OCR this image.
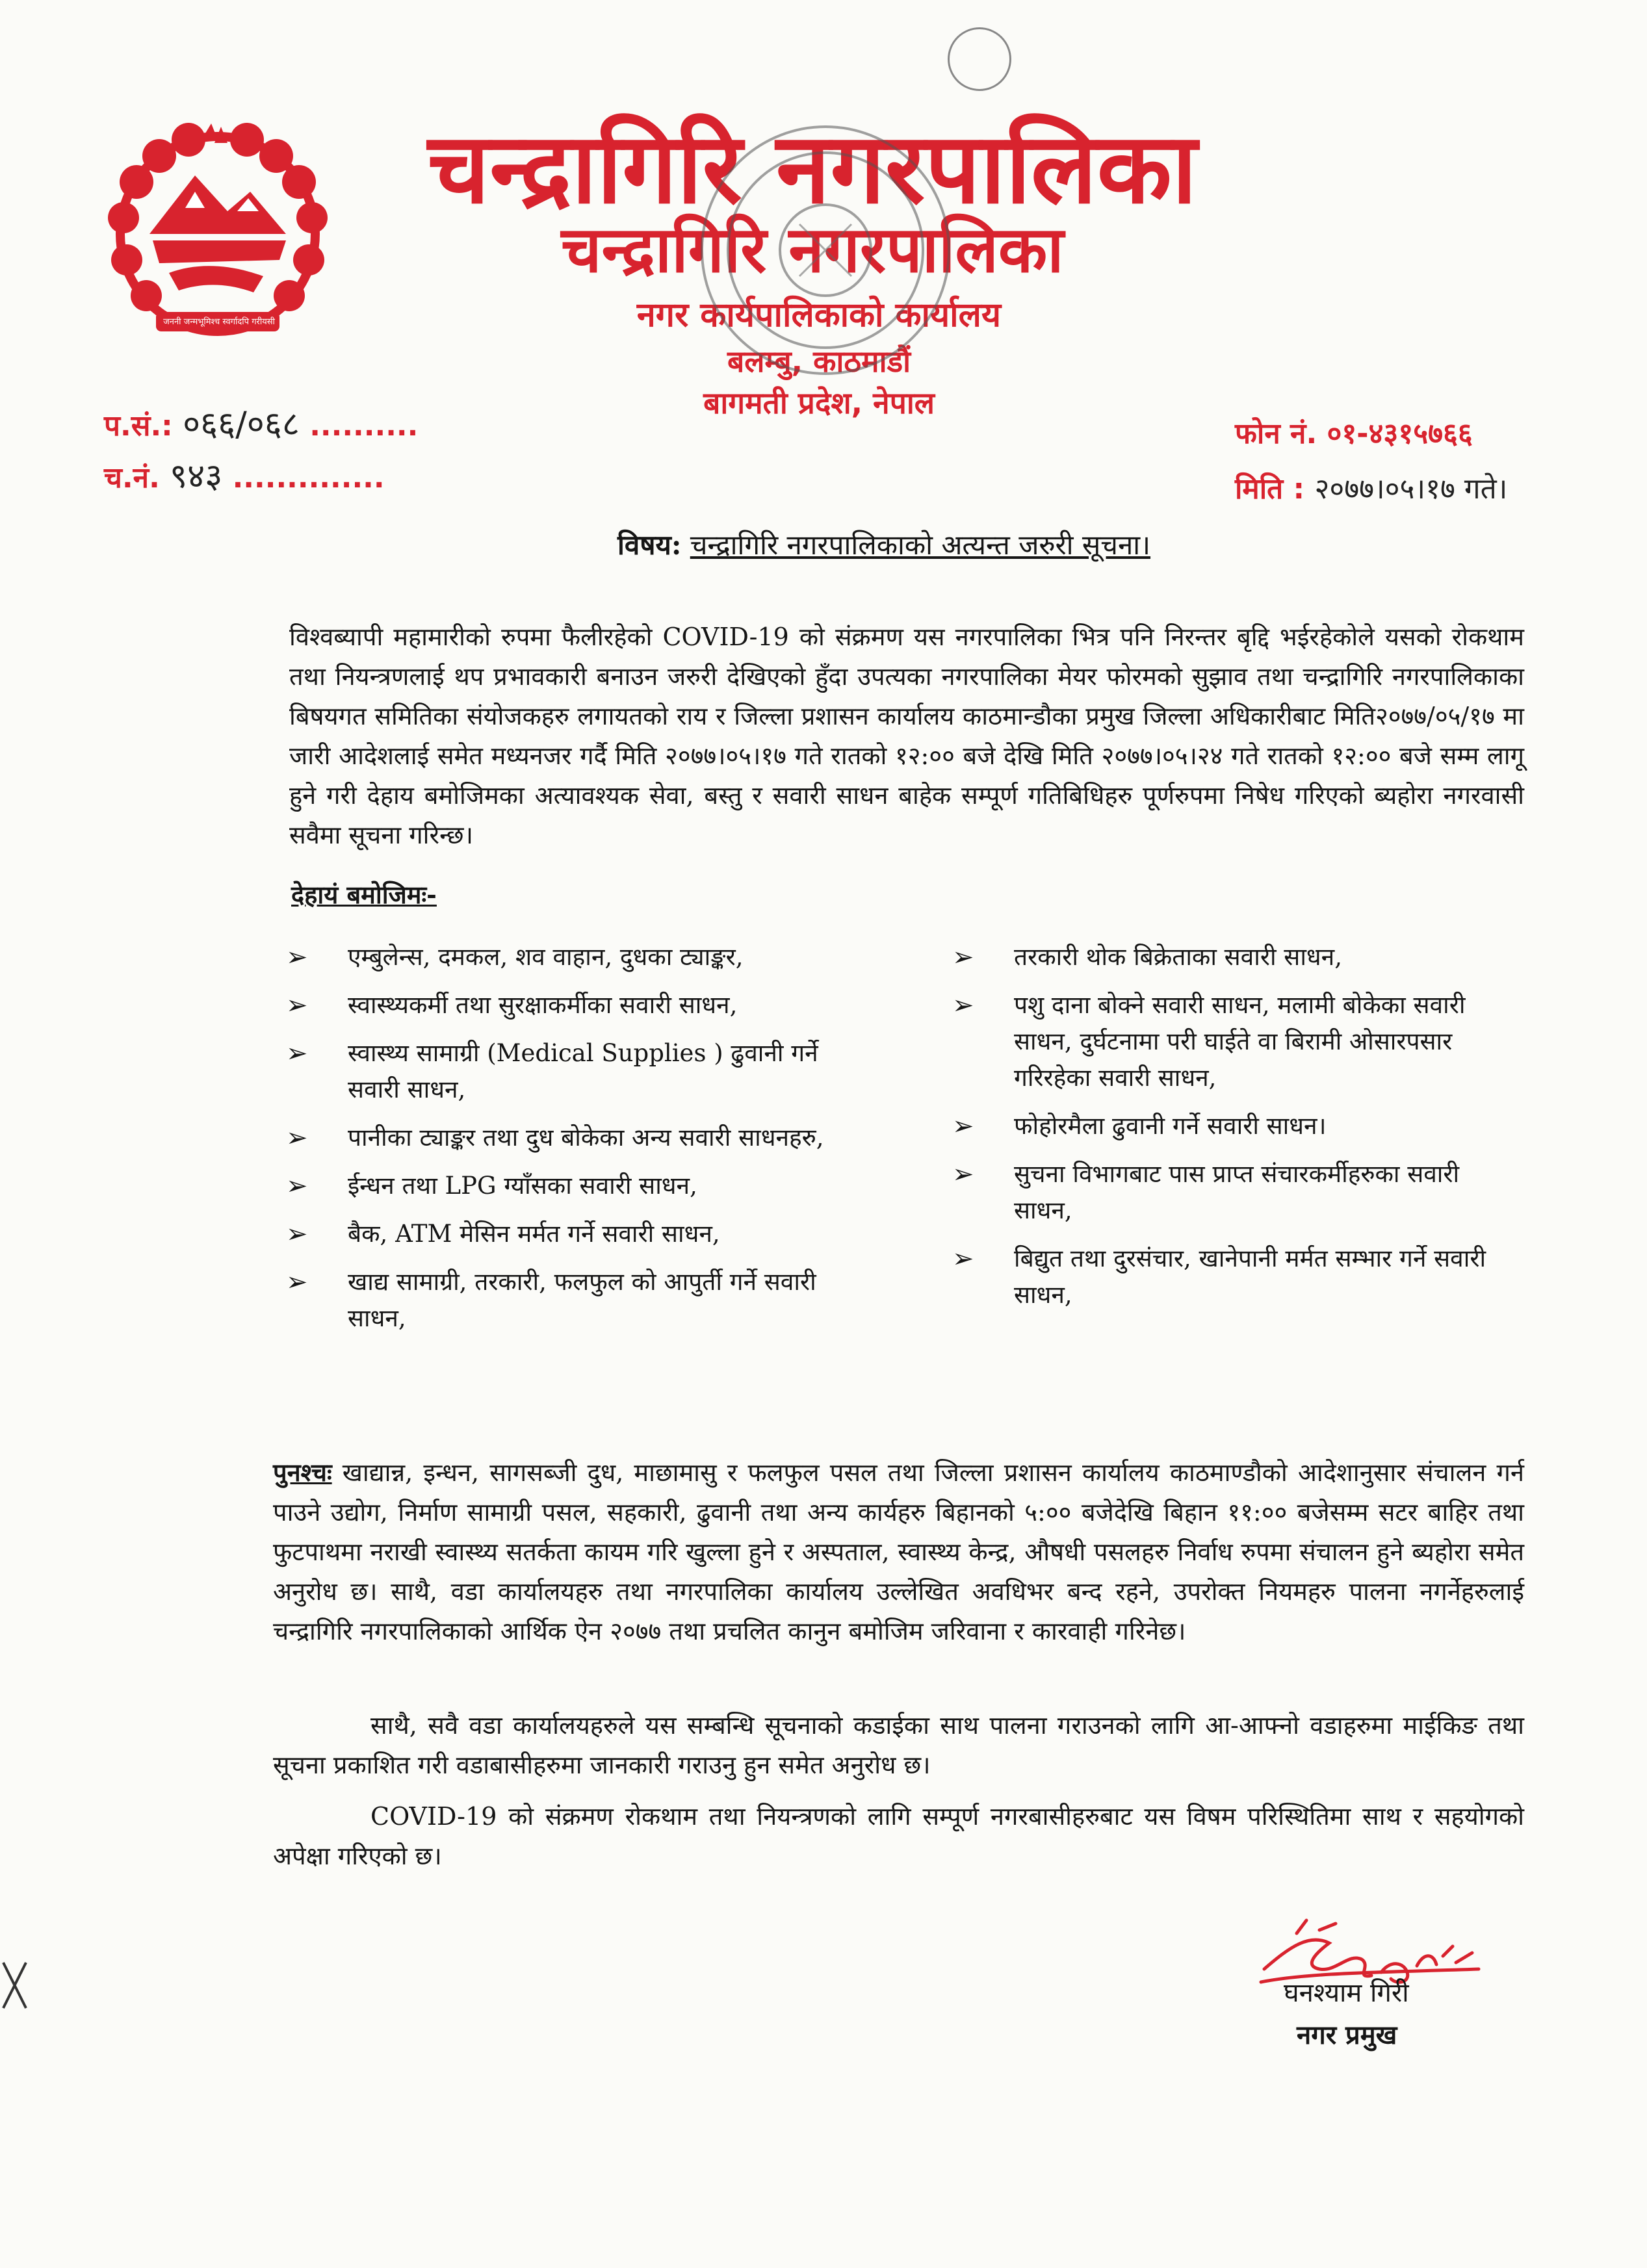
जननी जन्मभूमिश्च स्वर्गादपि गरीयसी
चन्द्रागिरि नगरपालिका
चन्द्रागिरि नगरपालिका
नगर कार्यपालिकाको कार्यालय
बलम्बु, काठमाडौं
बागमती प्रदेश, नेपाल
प.सं.: ०६६/०६८ ..........
च.नं. ९४३ ..............
फोन नं. ०१-४३१५७६६
मिति : २०७७।०५।१७ गते।
विषय: चन्द्रागिरि नगरपालिकाको अत्यन्त जरुरी सूचना।
विश्वब्यापी महामारीको रुपमा फैलीरहेको COVID-19 को संक्रमण यस नगरपालिका भित्र पनि निरन्तर बृद्दि भईरहेकोले यसको रोकथाम तथा नियन्त्रणलाई थप प्रभावकारी बनाउन जरुरी देखिएको हुँदा उपत्यका नगरपालिका मेयर फोरमको सुझाव तथा चन्द्रागिरि नगरपालिकाका बिषयगत समितिका संयोजकहरु लगायतको राय र जिल्ला प्रशासन कार्यालय काठमान्डौका प्रमुख जिल्ला अधिकारीबाट मिति२०७७/०५/१७ मा जारी आदेशलाई समेत मध्यनजर गर्दै मिति २०७७।०५।१७ गते रातको १२:०० बजे देखि मिति २०७७।०५।२४ गते रातको १२:०० बजे सम्म लागू हुने गरी देहाय बमोजिमका अत्यावश्यक सेवा, बस्तु र सवारी साधन बाहेक सम्पूर्ण गतिबिधिहरु पूर्णरुपमा निषेध गरिएको ब्यहोरा नगरवासी सवैमा सूचना गरिन्छ।
देहायं बमोजिमः-
➢ एम्बुलेन्स, दमकल, शव वाहान, दुधका ट्याङ्कर,
➢ स्वास्थ्यकर्मी तथा सुरक्षाकर्मीका सवारी साधन,
➢ स्वास्थ्य सामाग्री (Medical Supplies ) ढुवानी गर्ने सवारी साधन,
➢ पानीका ट्याङ्कर तथा दुध बोकेका अन्य सवारी साधनहरु,
➢ ईन्धन तथा LPG ग्याँसका सवारी साधन,
➢ बैक, ATM मेसिन मर्मत गर्ने सवारी साधन,
➢ खाद्य सामाग्री, तरकारी, फलफुल को आपुर्ती गर्ने सवारी साधन,
➢ तरकारी थोक बिक्रेताका सवारी साधन,
➢ पशु दाना बोक्ने सवारी साधन, मलामी बोकेका सवारी साधन, दुर्घटनामा परी घाईते वा बिरामी ओसारपसार गरिरहेका सवारी साधन,
➢ फोहोरमैला ढुवानी गर्ने सवारी साधन।
➢ सुचना विभागबाट पास प्राप्त संचारकर्मीहरुका सवारी साधन,
➢ बिद्युत तथा दुरसंचार, खानेपानी मर्मत सम्भार गर्ने सवारी साधन,
पुनश्चः खाद्यान्न, इन्धन, सागसब्जी दुध, माछामासु र फलफुल पसल तथा जिल्ला प्रशासन कार्यालय काठमाण्डौको आदेशानुसार संचालन गर्न पाउने उद्योग, निर्माण सामाग्री पसल, सहकारी, ढुवानी तथा अन्य कार्यहरु बिहानको ५:०० बजेदेखि बिहान ११:०० बजेसम्म सटर बाहिर तथा फुटपाथमा नराखी स्वास्थ्य सतर्कता कायम गरि खुल्ला हुने र अस्पताल, स्वास्थ्य केन्द्र, औषधी पसलहरु निर्वाध रुपमा संचालन हुने ब्यहोरा समेत अनुरोध छ। साथै, वडा कार्यालयहरु तथा नगरपालिका कार्यालय उल्लेखित अवधिभर बन्द रहने, उपरोक्त नियमहरु पालना नगर्नेहरुलाई चन्द्रागिरि नगरपालिकाको आर्थिक ऐन २०७७ तथा प्रचलित कानुन बमोजिम जरिवाना र कारवाही गरिनेछ।
साथै, सवै वडा कार्यालयहरुले यस सम्बन्धि सूचनाको कडाईका साथ पालना गराउनको लागि आ-आफ्नो वडाहरुमा माईकिङ तथा सूचना प्रकाशित गरी वडाबासीहरुमा जानकारी गराउनु हुन समेत अनुरोध छ।
COVID-19 को संक्रमण रोकथाम तथा नियन्त्रणको लागि सम्पूर्ण नगरबासीहरुबाट यस विषम परिस्थितिमा साथ र सहयोगको अपेक्षा गरिएको छ।
घनश्याम गिरी
नगर प्रमुख
